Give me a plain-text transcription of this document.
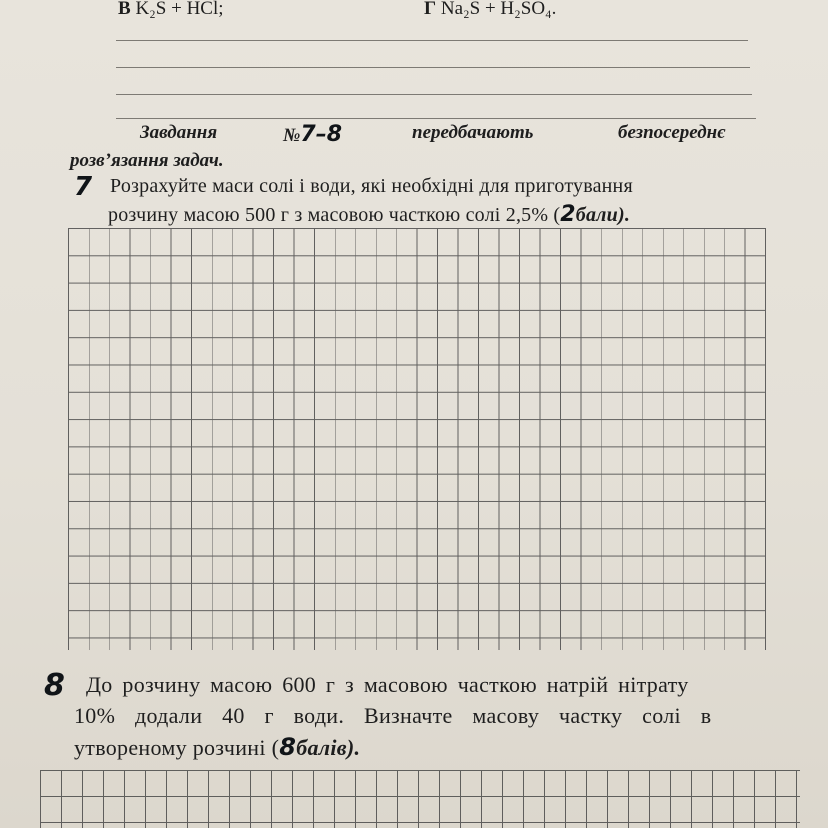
В K₂S + HCl;	Г Na₂S + H₂SO₄.
Завдання	№7–8	передбачають	безпосереднє
розв’язання задач.
7 Розрахуйте маси солі і води, які необхідні для приготування
розчину масою 500 г з масовою часткою солі 2,5% (2бали).
8 До розчину масою 600 г з масовою часткою натрій нітрату
10% додали 40 г води. Визначте масову частку солі в
утвореному розчині (8балів).
